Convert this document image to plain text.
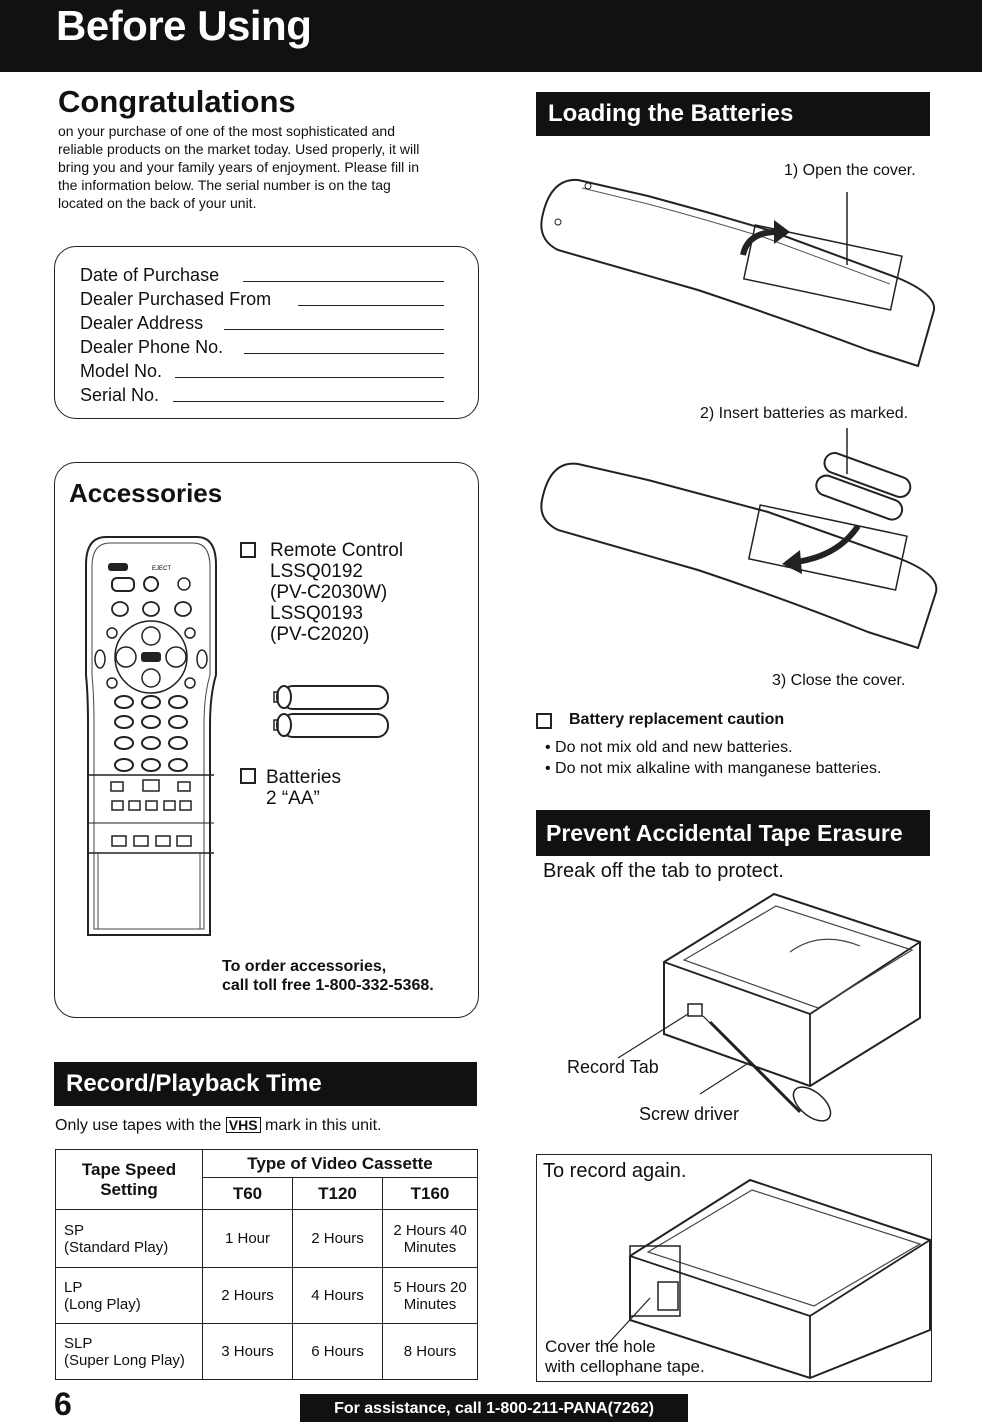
Before Using
Congratulations
on your purchase of one of the most sophisticated and
reliable products on the market today. Used properly, it will
bring you and your family years of enjoyment. Please fill in
the information below. The serial number is on the tag
located on the back of your unit.
Date of Purchase
Dealer Purchased From
Dealer Address
Dealer Phone No.
Model No.
Serial No.
Accessories
EJECT
Remote Control
LSSQ0192
(PV-C2030W)
LSSQ0193
(PV-C2020)
Batteries
2 “AA”
To order accessories,
call toll free 1-800-332-5368.
Record/Playback Time
Only use tapes with the VHS mark in this unit.
Tape Speed Setting	Type of Video Cassette		
	T60	T120	T160

SP
(Standard Play)	1 Hour	2 Hours	2 Hours 40 Minutes

LP
(Long Play)	2 Hours	4 Hours	5 Hours 20 Minutes

SLP
(Super Long Play)	3 Hours	6 Hours	8 Hours
Loading the Batteries
1) Open the cover.
2) Insert batteries as marked.
3) Close the cover.
Battery replacement caution
• Do not mix old and new batteries.
• Do not mix alkaline with manganese batteries.
Prevent Accidental Tape Erasure
Break off the tab to protect.
Record Tab
Screw driver
To record again.
Cover the hole
with cellophane tape.
6	For assistance, call 1-800-211-PANA(7262)
